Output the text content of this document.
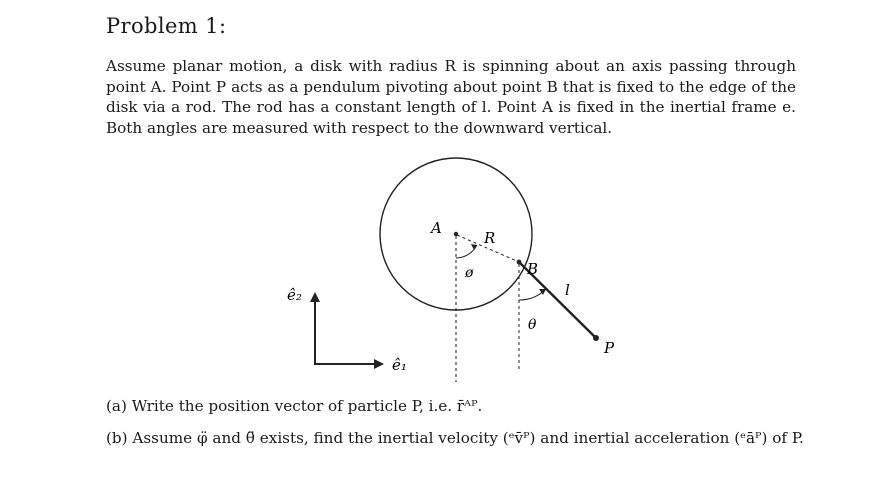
Problem 1:
Assume planar motion, a disk with radius R is spinning about an axis passing through point A. Point P acts as a pendulum pivoting about point B that is fixed to the edge of the disk via a rod. The rod has a constant length of l. Point A is fixed in the inertial frame e. Both angles are measured with respect to the downward vertical.
A
R
B
ø
θ
l
P
ê₂
ê₁
(a) Write the position vector of particle P, i.e. r̄ᴬᴾ.
(b) Assume φ̈ and θ̈ exists, find the inertial velocity (ᵉv̄ᴾ) and inertial acceleration (ᵉāᴾ) of P.
